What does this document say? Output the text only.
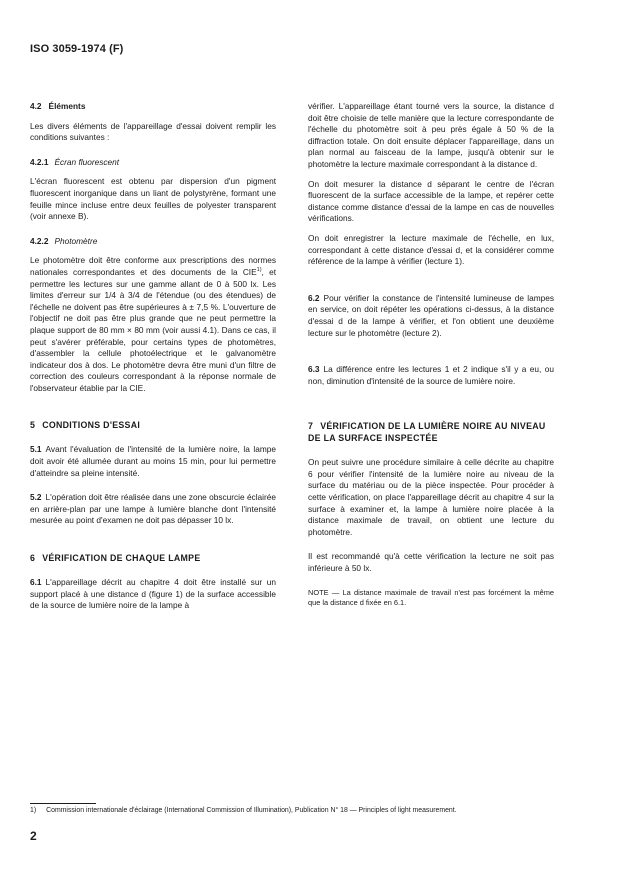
ISO 3059-1974 (F)
4.2 Éléments

Les divers éléments de l'appareillage d'essai doivent remplir les conditions suivantes :

4.2.1 Écran fluorescent

L'écran fluorescent est obtenu par dispersion d'un pigment fluorescent inorganique dans un liant de polystyrène, formant une feuille mince incluse entre deux feuilles de polyester transparent (voir annexe B).

4.2.2 Photomètre

Le photomètre doit être conforme aux prescriptions des normes nationales correspondantes et des documents de la CIE$^{1)}$, et permettre les lectures sur une gamme allant de 0 à 500 lx. Les limites d'erreur sur 1/4 à 3/4 de l'étendue (ou des étendues) de l'échelle ne doivent pas être supérieures à ± 7,5 %. L'ouverture de l'objectif ne doit pas être plus grande que ne peut permettre la plaque support de 80 mm × 80 mm (voir aussi 4.1). Dans ce cas, il peut s'avérer préférable, pour certains types de photomètres, d'assembler la cellule photoélectrique et le galvanomètre indicateur dos à dos. Le photomètre devra être muni d'un filtre de correction des couleurs correspondant à la réponse normale de l'observateur établie par la CIE.

5 CONDITIONS D'ESSAI

5.1 Avant l'évaluation de l'intensité de la lumière noire, la lampe doit avoir été allumée durant au moins 15 min, pour lui permettre d'atteindre sa pleine intensité.

5.2 L'opération doit être réalisée dans une zone obscurcie éclairée en arrière-plan par une lampe à lumière blanche dont l'intensité mesurée au point d'examen ne doit pas dépasser 10 lx.

6 VÉRIFICATION DE CHAQUE LAMPE

6.1 L'appareillage décrit au chapitre 4 doit être installé sur un support placé à une distance d (figure 1) de la surface accessible de la source de lumière noire de la lampe à

vérifier. L'appareillage étant tourné vers la source, la distance d doit être choisie de telle manière que la lecture correspondante de l'échelle du photomètre soit à peu près égale à 50 % de la diffraction totale. On doit ensuite déplacer l'appareillage, dans un plan normal au faisceau de la lampe, jusqu'à obtenir sur le photomètre la lecture maximale correspondant à la distance d.

On doit mesurer la distance d séparant le centre de l'écran fluorescent de la surface accessible de la lampe, et repérer cette distance comme distance d'essai de la lampe en cas de nouvelles vérifications.

On doit enregistrer la lecture maximale de l'échelle, en lux, correspondant à cette distance d'essai d, et la considérer comme référence de la lampe à vérifier (lecture 1).

6.2 Pour vérifier la constance de l'intensité lumineuse de lampes en service, on doit répéter les opérations ci-dessus, à la distance d'essai d de la lampe à vérifier, et l'on obtient une deuxième lecture sur le photomètre (lecture 2).

6.3 La différence entre les lectures 1 et 2 indique s'il y a eu, ou non, diminution d'intensité de la source de lumière noire.

7 VÉRIFICATION DE LA LUMIÈRE NOIRE AU NIVEAU DE LA SURFACE INSPECTÉE

On peut suivre une procédure similaire à celle décrite au chapitre 6 pour vérifier l'intensité de la lumière noire au niveau de la surface du matériau ou de la pièce inspectée. Pour procéder à cette vérification, on place l'appareillage décrit au chapitre 4 sur la surface à examiner et, la lampe à lumière noire placée à la distance maximale de travail, on obtient une lecture du photomètre.

Il est recommandé qu'à cette vérification la lecture ne soit pas inférieure à 50 lx.

NOTE — La distance maximale de travail n'est pas forcément la même que la distance d fixée en 6.1.

1) Commission internationale d'éclairage (International Commission of Illumination), Publication N° 18 — Principles of light measurement.
2
